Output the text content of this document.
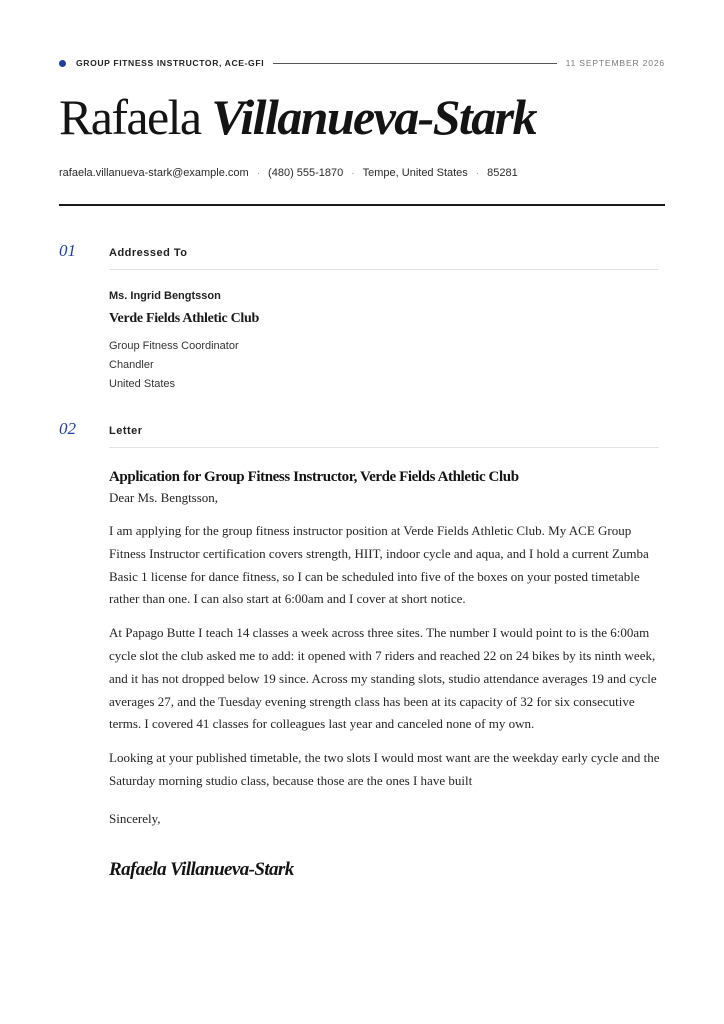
GROUP FITNESS INSTRUCTOR, ACE-GFI	11 SEPTEMBER 2026
Rafaela Villanueva-Stark
rafaela.villanueva-stark@example.com · (480) 555-1870 · Tempe, United States · 85281
01	Addressed To
Ms. Ingrid Bengtsson
Verde Fields Athletic Club
Group Fitness Coordinator
Chandler
United States
02	Letter
Application for Group Fitness Instructor, Verde Fields Athletic Club
Dear Ms. Bengtsson,

I am applying for the group fitness instructor position at Verde Fields Athletic Club. My ACE Group Fitness Instructor certification covers strength, HIIT, indoor cycle and aqua, and I hold a current Zumba Basic 1 license for dance fitness, so I can be scheduled into five of the boxes on your posted timetable rather than one. I can also start at 6:00am and I cover at short notice.

At Papago Butte I teach 14 classes a week across three sites. The number I would point to is the 6:00am cycle slot the club asked me to add: it opened with 7 riders and reached 22 on 24 bikes by its ninth week, and it has not dropped below 19 since. Across my standing slots, studio attendance averages 19 and cycle averages 27, and the Tuesday evening strength class has been at its capacity of 32 for six consecutive terms. I covered 41 classes for colleagues last year and canceled none of my own.

Looking at your published timetable, the two slots I would most want are the weekday early cycle and the Saturday morning studio class, because those are the ones I have built

Sincerely,
Rafaela Villanueva-Stark
